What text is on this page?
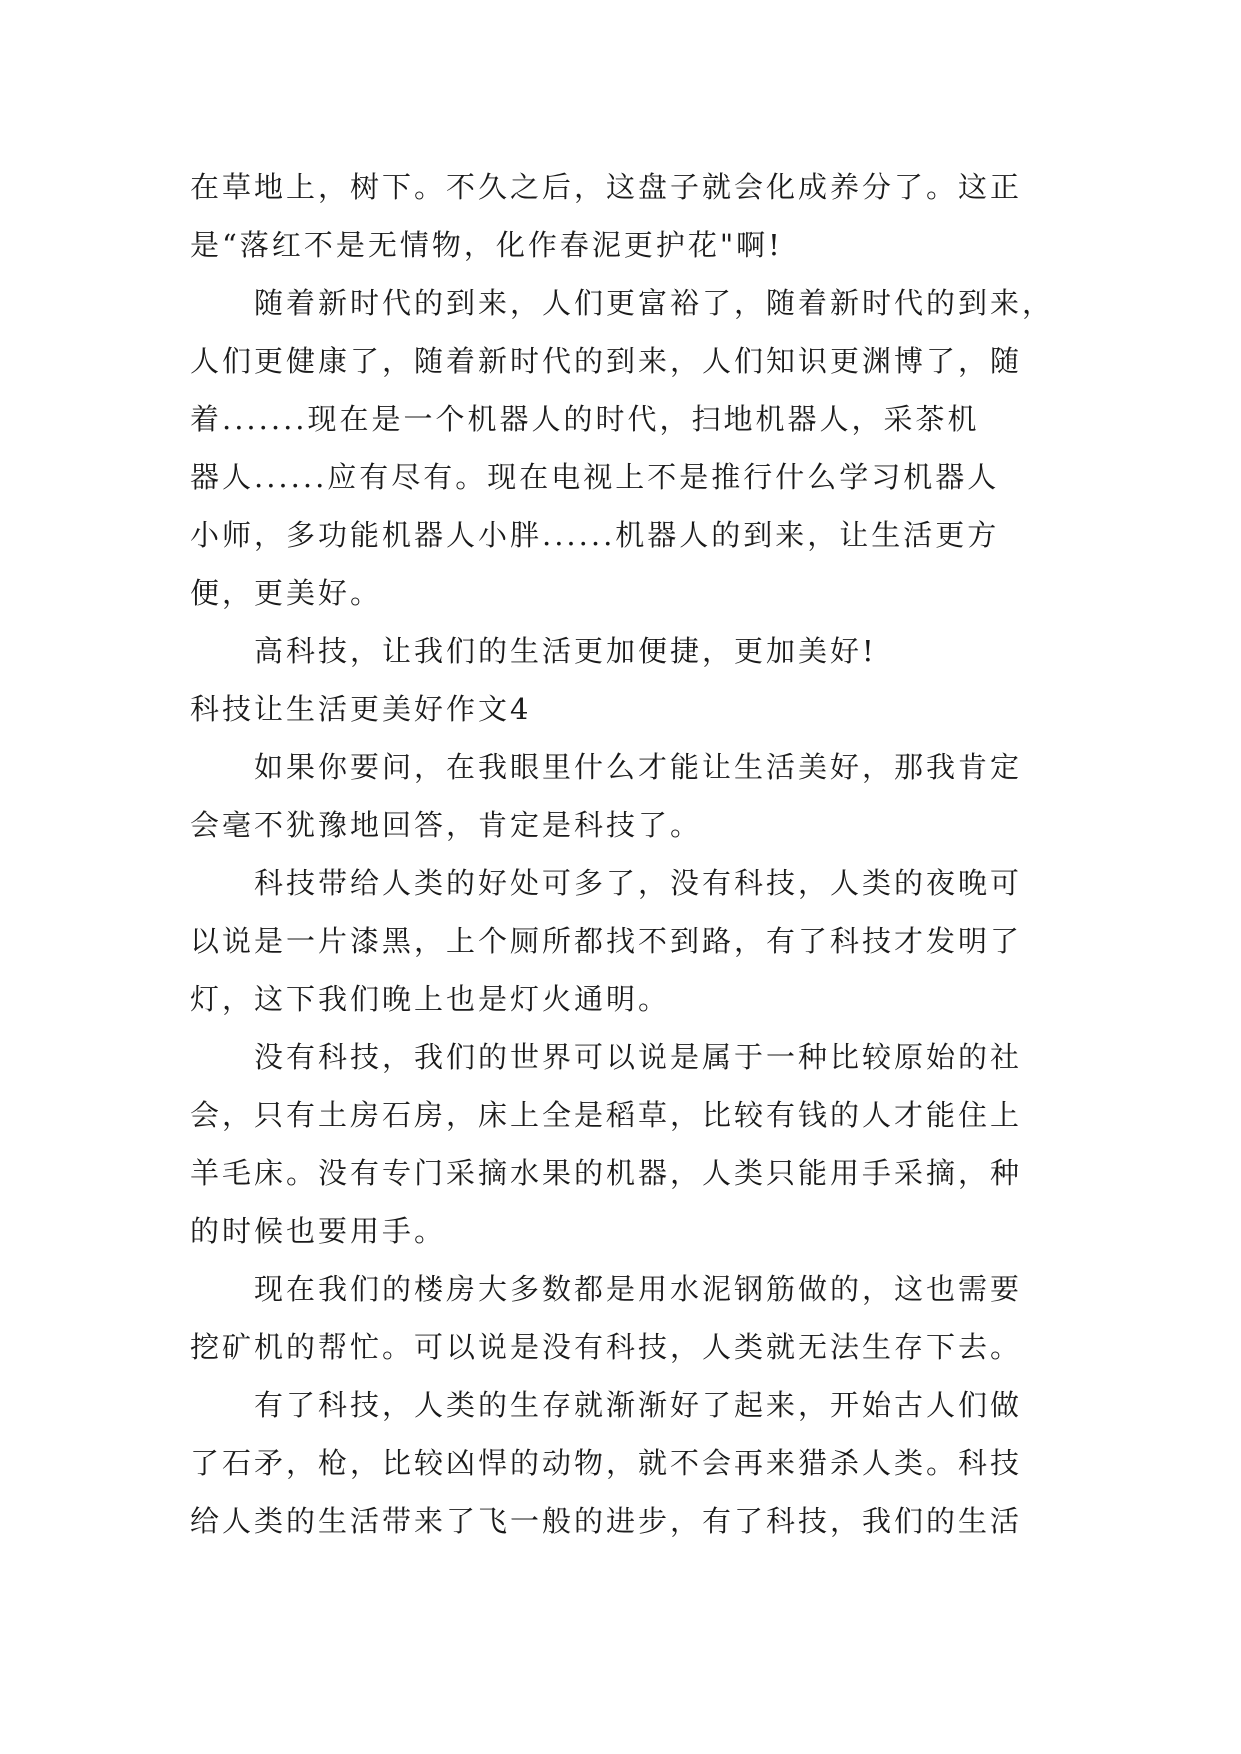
在草地上，树下。不久之后，这盘子就会化成养分了。这正
是“落红不是无情物，化作春泥更护花"啊!
随着新时代的到来，人们更富裕了，随着新时代的到来，
人们更健康了，随着新时代的到来，人们知识更渊博了，随
着.......现在是一个机器人的时代，扫地机器人，采茶机
器人......应有尽有。现在电视上不是推行什么学习机器人
小师，多功能机器人小胖......机器人的到来，让生活更方
便，更美好。
高科技，让我们的生活更加便捷，更加美好!
科技让生活更美好作文4
如果你要问，在我眼里什么才能让生活美好，那我肯定
会毫不犹豫地回答，肯定是科技了。
科技带给人类的好处可多了，没有科技，人类的夜晚可
以说是一片漆黑，上个厕所都找不到路，有了科技才发明了
灯，这下我们晚上也是灯火通明。
没有科技，我们的世界可以说是属于一种比较原始的社
会，只有土房石房，床上全是稻草，比较有钱的人才能住上
羊毛床。没有专门采摘水果的机器，人类只能用手采摘，种
的时候也要用手。
现在我们的楼房大多数都是用水泥钢筋做的，这也需要
挖矿机的帮忙。可以说是没有科技，人类就无法生存下去。
有了科技，人类的生存就渐渐好了起来，开始古人们做
了石矛，枪，比较凶悍的动物，就不会再来猎杀人类。科技
给人类的生活带来了飞一般的进步，有了科技，我们的生活
